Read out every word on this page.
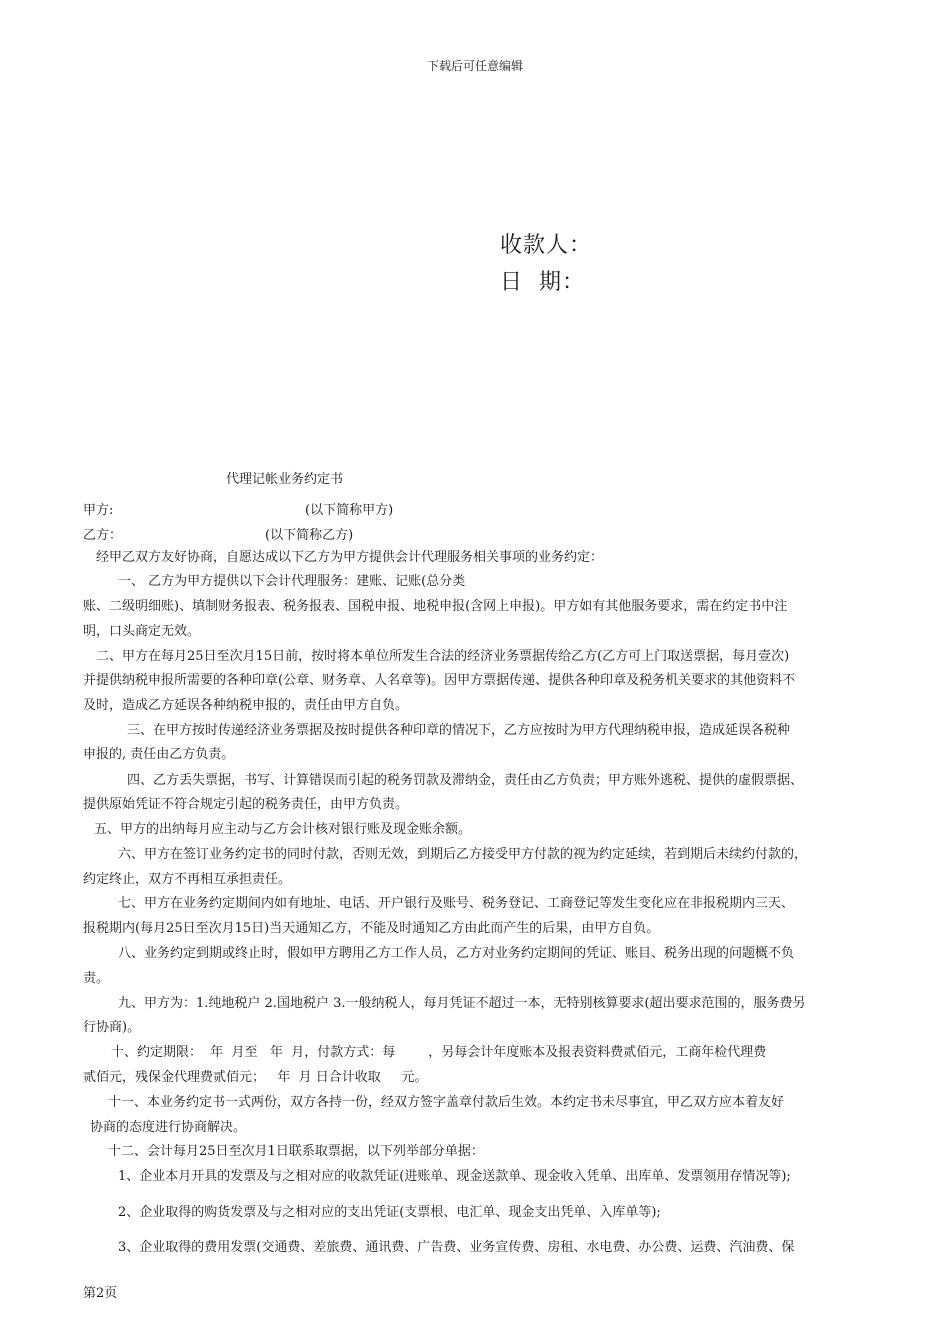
下载后可任意编辑
收款人：
日  期：
代理记帐业务约定书
甲方:	(以下简称甲方)
乙方：	(以下简称乙方)
经甲乙双方友好协商，自愿达成以下乙方为甲方提供会计代理服务相关事项的业务约定：
一、 乙方为甲方提供以下会计代理服务：建账、记账(总分类
账、二级明细账)、填制财务报表、税务报表、国税申报、地税申报(含网上申报)。甲方如有其他服务要求，需在约定书中注
明，口头商定无效。
二、甲方在每月25日至次月15日前，按时将本单位所发生合法的经济业务票据传给乙方(乙方可上门取送票据，每月壹次)
并提供纳税申报所需要的各种印章(公章、财务章、人名章等)。因甲方票据传递、提供各种印章及税务机关要求的其他资料不
及时，造成乙方延误各种纳税申报的，责任由甲方自负。
三、在甲方按时传递经济业务票据及按时提供各种印章的情况下，乙方应按时为甲方代理纳税申报，造成延误各税种
申报的, 责任由乙方负责。
四、乙方丢失票据，书写、计算错误而引起的税务罚款及滞纳金，责任由乙方负责；甲方账外逃税、提供的虚假票据、
提供原始凭证不符合规定引起的税务责任，由甲方负责。
五、甲方的出纳每月应主动与乙方会计核对银行账及现金账余额。
六、甲方在签订业务约定书的同时付款，否则无效，到期后乙方接受甲方付款的视为约定延续，若到期后未续约付款的，
约定终止，双方不再相互承担责任。
七、甲方在业务约定期间内如有地址、电话、开户银行及账号、税务登记、工商登记等发生变化应在非报税期内三天、
报税期内(每月25日至次月15日)当天通知乙方，不能及时通知乙方由此而产生的后果，由甲方自负。
八、业务约定到期或终止时，假如甲方聘用乙方工作人员，乙方对业务约定期间的凭证、账目、税务出现的问题概不负
责。
九、甲方为：1.纯地税户 2.国地税户 3.一般纳税人，每月凭证不超过一本，无特别核算要求(超出要求范围的，服务费另
行协商)。
十、约定期限：  年  月至   年  月，付款方式：每        ，另每会计年度账本及报表资料费贰佰元，工商年检代理费
贰佰元，残保金代理费贰佰元；   年  月 日合计收取     元。
十一、本业务约定书一式两份，双方各持一份，经双方签字盖章付款后生效。本约定书未尽事宜，甲乙双方应本着友好
协商的态度进行协商解决。
十二、会计每月25日至次月1日联系取票据，以下列举部分单据：
1、企业本月开具的发票及与之相对应的收款凭证(进账单、现金送款单、现金收入凭单、出库单、发票领用存情况等);
2、企业取得的购货发票及与之相对应的支出凭证(支票根、电汇单、现金支出凭单、入库单等);
3、企业取得的费用发票(交通费、差旅费、通讯费、广告费、业务宣传费、房租、水电费、办公费、运费、汽油费、保
第2页
